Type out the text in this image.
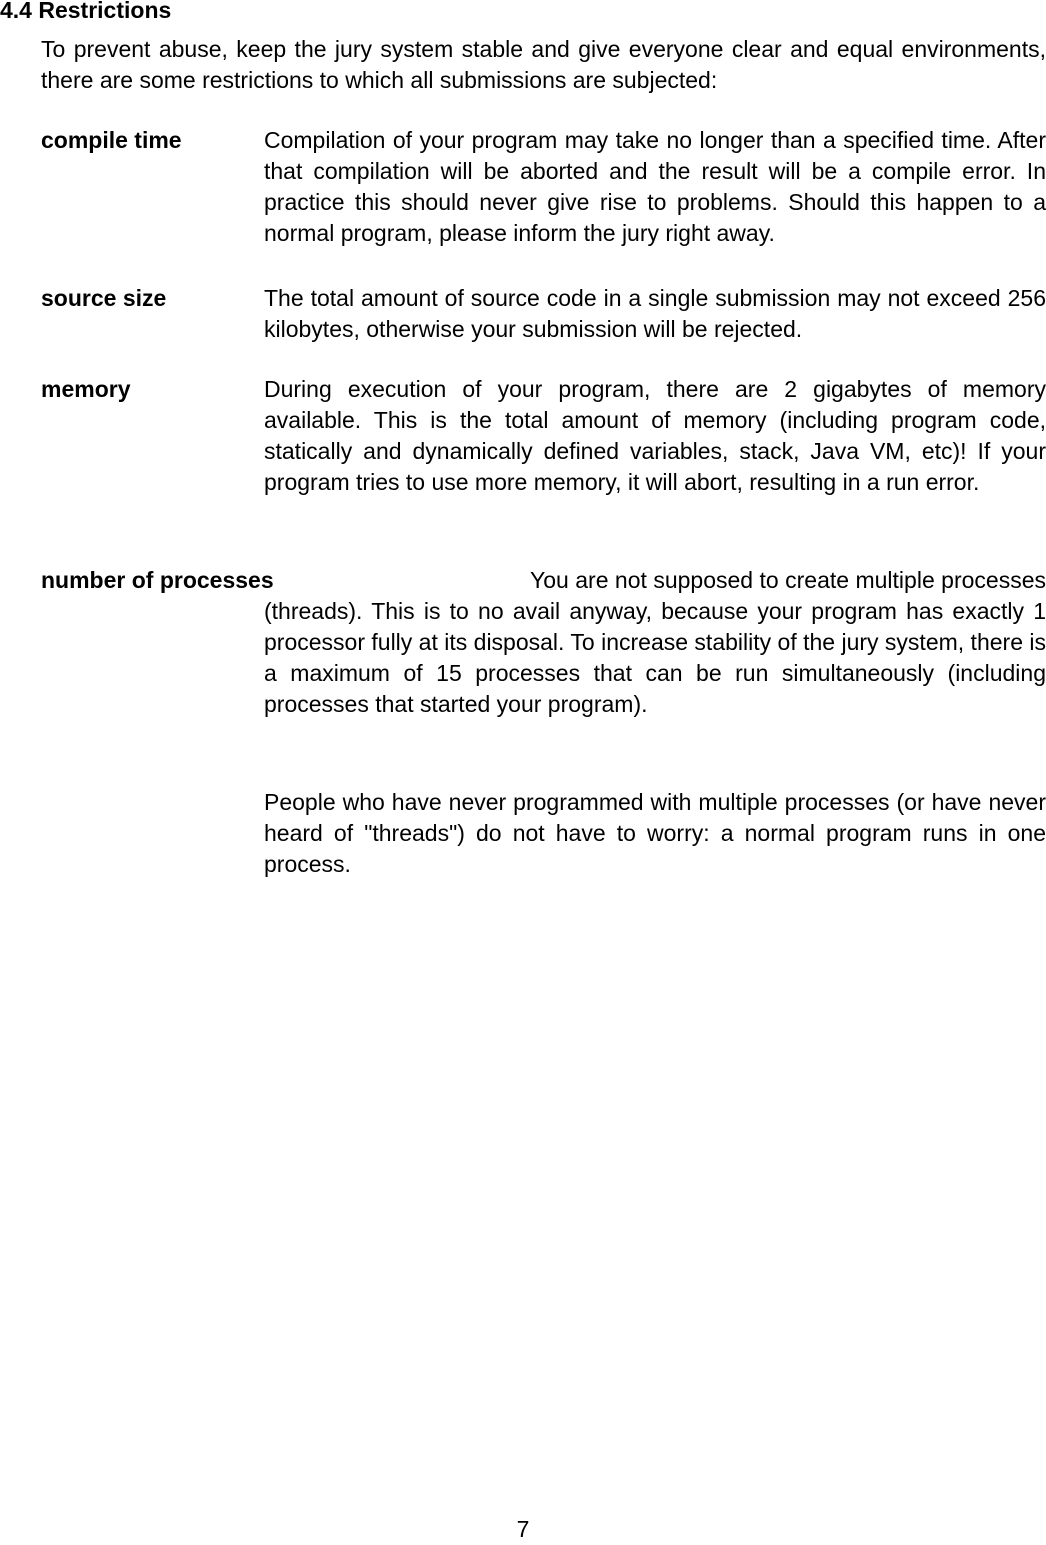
4.4 Restrictions

To prevent abuse, keep the jury system stable and give everyone clear and equal environments, there are some restrictions to which all submissions are subjected:

compile time	Compilation of your program may take no longer than a specified time. After that compilation will be aborted and the result will be a compile error. In practice this should never give rise to problems. Should this happen to a normal program, please inform the jury right away.

source size	The total amount of source code in a single submission may not exceed 256 kilobytes, otherwise your submission will be rejected.

memory	During execution of your program, there are 2 gigabytes of memory available. This is the total amount of memory (including program code, statically and dynamically defined variables, stack, Java VM, etc)! If your program tries to use more memory, it will abort, resulting in a run error.

number of processes	You are not supposed to create multiple processes (threads). This is to no avail anyway, because your program has exactly 1 processor fully at its disposal. To increase stability of the jury system, there is a maximum of 15 processes that can be run simultaneously (including processes that started your program).

People who have never programmed with multiple processes (or have never heard of "threads") do not have to worry: a normal program runs in one process.

7
